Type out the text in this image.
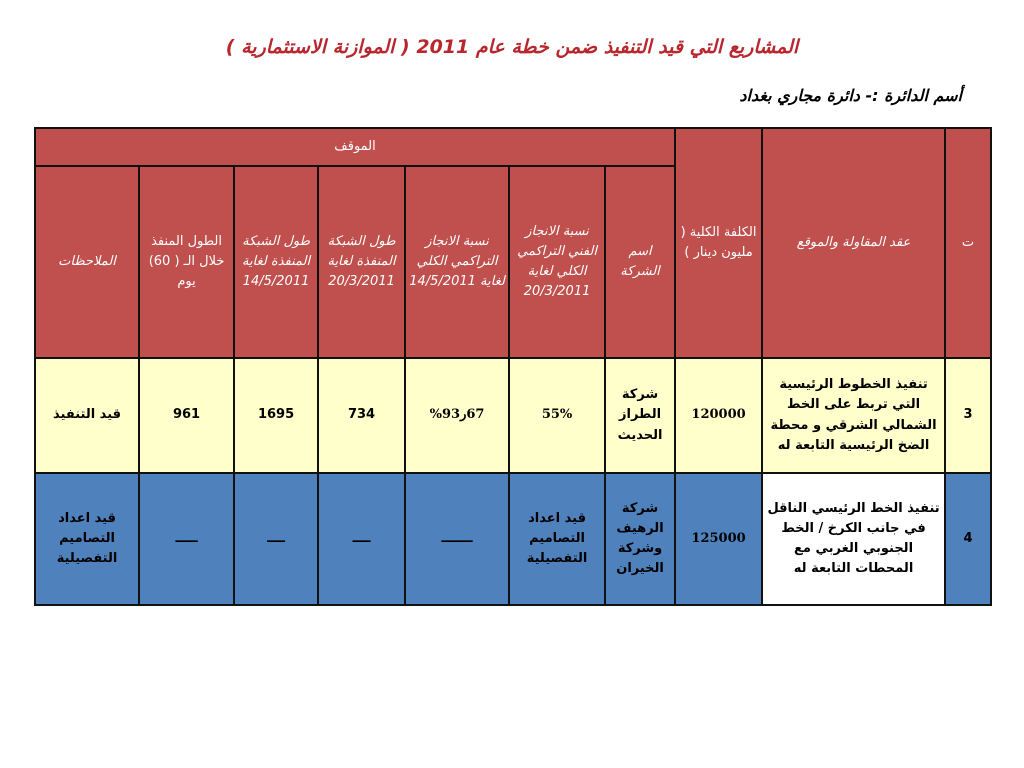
المشاريع التي قيد التنفيذ ضمن خطة عام 2011 ( الموازنة الاستثمارية )
أسم الدائرة :- دائرة مجاري بغداد
ت	عقد المقاولة والموقع	الكلفة الكلية ( مليون دينار )	الموقف						
			اسم الشركة	نسبة الانجاز الفني التراكمي الكلي لغاية 20/3/2011	نسبة الانجاز التراكمي الكلي لغاية 14/5/2011	طول الشبكة المنفذة لغاية 20/3/2011	طول الشبكة المنفذة لغاية 14/5/2011	الطول المنفذ خلال الـ ( 60) يوم	الملاحظات
3	تنفيذ الخطوط الرئيسية التي تربط على الخط الشمالي الشرقي و محطة الضخ الرئيسية التابعة له	120000	شركة الطراز الحديث	55%	67ر93%	734	1695	961	قيد التنفيذ
4	تنفيذ الخط الرئيسي الناقل في جانب الكرخ / الخط الجنوبي الغربي مع المحطات التابعة له	125000	شركة الرهيف وشركة الخيران	قيد اعداد التصاميم التفصيلية	ـــــــ	ــــ	ــــ	ـــــ	قيد اعداد التصاميم التفصيلية
